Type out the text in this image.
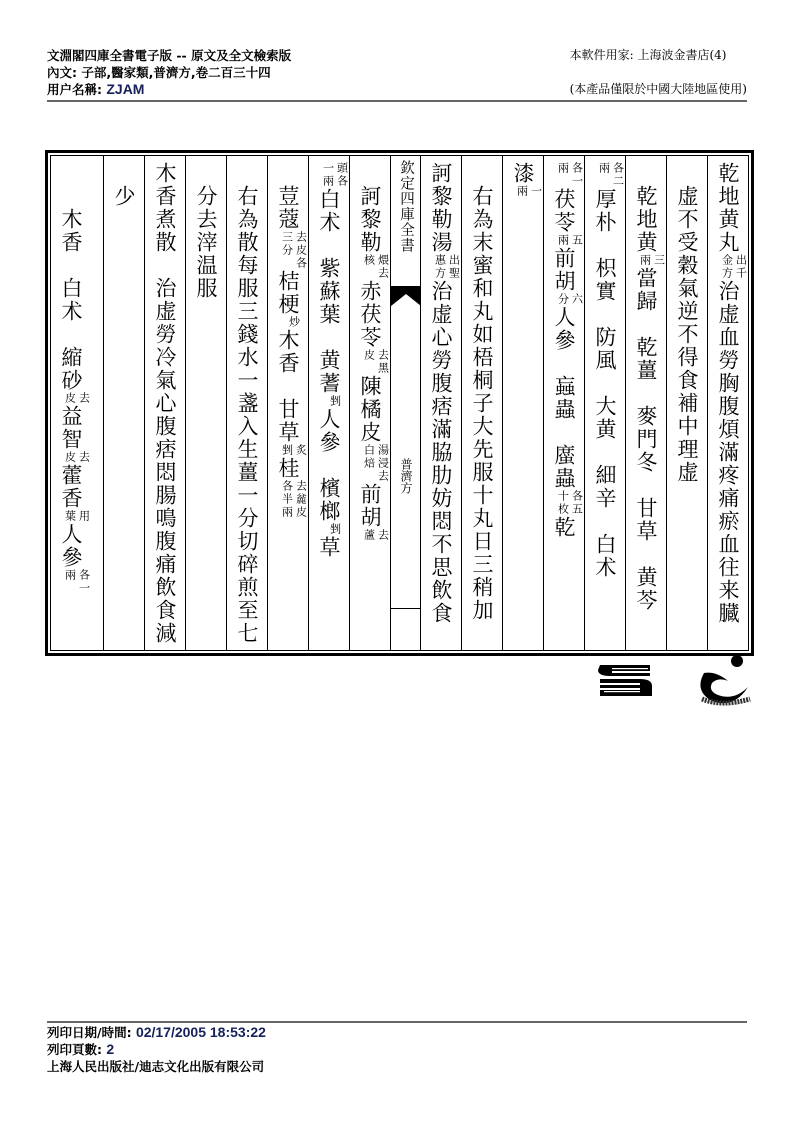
文淵閣四庫全書電子版 -- 原文及全文檢索版
內文: 子部,醫家類,普濟方,卷二百三十四
用户名稱: ZJAM
本軟件用家: 上海波金書店(4)
(本產品僅限於中國大陸地區使用)
乾地黄丸出千金方治虚血勞胸腹煩滿疼痛瘀血往来臓
　虚不受穀氣逆不得食補中理虚
　乾地黄三兩當歸　乾薑　麥門冬　甘草　黄芩
各二兩厚朴　枳實　防風　大黄　細辛　白术
各一兩茯苓五兩前胡六分人參　蝱蟲　䗪蟲各五十枚乾
漆一兩
　右為末蜜和丸如梧桐子大先服十丸日三稍加
訶黎勒湯出聖惠方治虚心勞腹痞滿脇肋妨悶不思飲食
欽定四庫全書
普濟方
　訶黎勒煨去核赤茯苓去黑皮陳橘皮湯浸去白焙前胡去蘆
頭各一兩白术　紫蘇葉　黄蓍剉人參　檳榔剉草
　荳蔻去皮各三分桔梗炒木香　甘草炙剉桂去麄皮各半兩
　右為散每服三錢水一盞入生薑一分切碎煎至七
　分去滓温服
木香煮散　治虚勞冷氣心腹痞悶腸鳴腹痛飲食減
　少
　　木香　白术　縮砂去皮益智去皮藿香用葉人參各一兩
列印日期/時間: 02/17/2005 18:53:22
列印頁數: 2
上海人民出版社/迪志文化出版有限公司
